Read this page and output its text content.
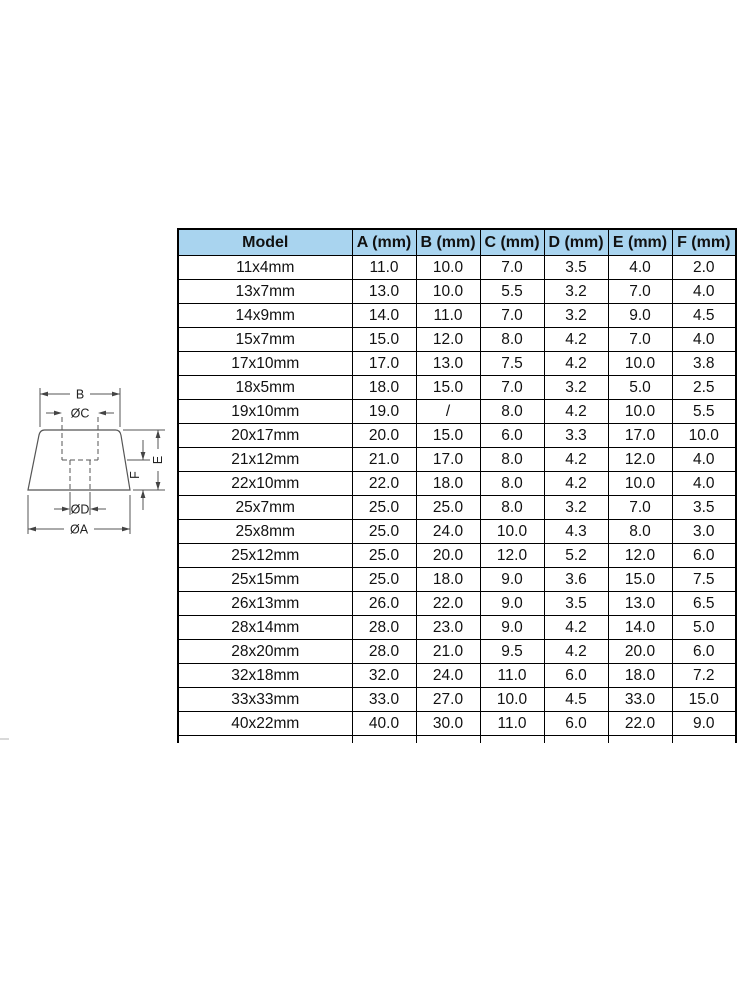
B
ØC
E
F
ØD
ØA
Model	A (mm)	B (mm)	C (mm)	D (mm)	E (mm)	F (mm)
11x4mm	11.0	10.0	7.0	3.5	4.0	2.0
13x7mm	13.0	10.0	5.5	3.2	7.0	4.0
14x9mm	14.0	11.0	7.0	3.2	9.0	4.5
15x7mm	15.0	12.0	8.0	4.2	7.0	4.0
17x10mm	17.0	13.0	7.5	4.2	10.0	3.8
18x5mm	18.0	15.0	7.0	3.2	5.0	2.5
19x10mm	19.0	/	8.0	4.2	10.0	5.5
20x17mm	20.0	15.0	6.0	3.3	17.0	10.0
21x12mm	21.0	17.0	8.0	4.2	12.0	4.0
22x10mm	22.0	18.0	8.0	4.2	10.0	4.0
25x7mm	25.0	25.0	8.0	3.2	7.0	3.5
25x8mm	25.0	24.0	10.0	4.3	8.0	3.0
25x12mm	25.0	20.0	12.0	5.2	12.0	6.0
25x15mm	25.0	18.0	9.0	3.6	15.0	7.5
26x13mm	26.0	22.0	9.0	3.5	13.0	6.5
28x14mm	28.0	23.0	9.0	4.2	14.0	5.0
28x20mm	28.0	21.0	9.5	4.2	20.0	6.0
32x18mm	32.0	24.0	11.0	6.0	18.0	7.2
33x33mm	33.0	27.0	10.0	4.5	33.0	15.0
40x22mm	40.0	30.0	11.0	6.0	22.0	9.0
